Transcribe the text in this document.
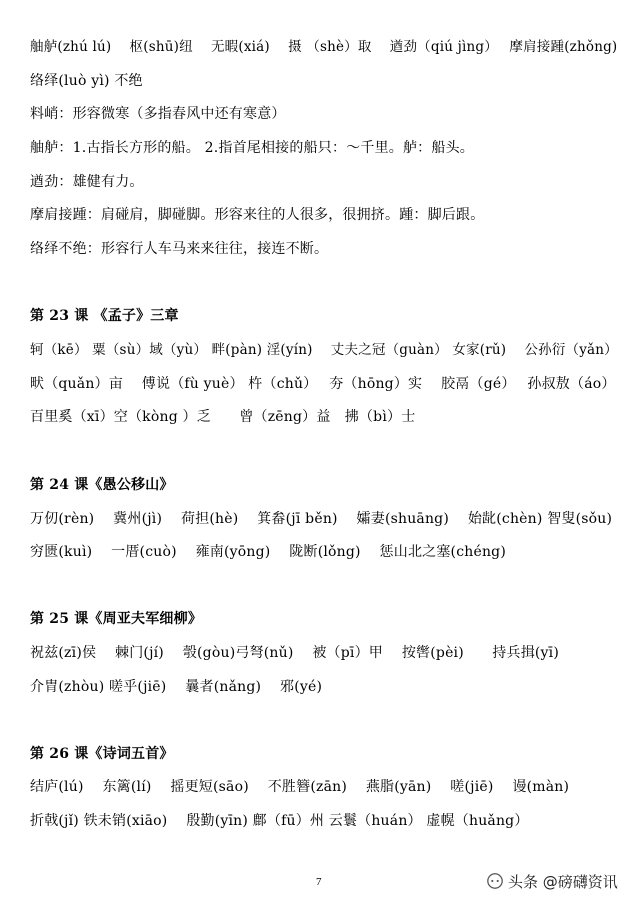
舳舻(zhú lú)　 枢(shū)纽　 无暇(xiá)　 摄 （shè）取　 遒劲（qiú jìng）　 摩肩接踵(zhǒng)
络绎(luò yì) 不绝
料峭：形容微寒（多指春风中还有寒意）
舳舻：1.古指长方形的船。 2.指首尾相接的船只：～千里。舻：船头。
遒劲：雄健有力。
摩肩接踵：肩碰肩，脚碰脚。形容来往的人很多，很拥挤。踵：脚后跟。
络绎不绝：形容行人车马来来往往，接连不断。
第 23 课 《孟子》三章
轲（kē） 粟（sù）域（yù） 畔(pàn) 淫(yín)　 丈夫之冠（guàn） 女家(rǔ)　 公孙衍（yǎn）
畎（quǎn）亩　 傅说（fù yuè） 杵（chǔ）　 夯（hōng）实　 胶鬲（gé）　 孙叔敖（áo）
百里奚（xī）空（kòng ）乏　　曾（zēng）益　拂（bì）士
第 24 课《愚公移山》
万仞(rèn)　 冀州(jì)　 荷担(hè)　 箕畚(jī běn)　 孀妻(shuāng)　 始龀(chèn) 智叟(sǒu)
穷匮(kuì)　 一厝(cuò)　 雍南(yōng)　 陇断(lǒng)　 惩山北之塞(chéng)
第 25 课《周亚夫军细柳》
祝兹(zī)侯　 棘门(jí)　 彀(gòu)弓弩(nǔ)　 被（pī）甲　 按辔(pèi)　　持兵揖(yī)
介胄(zhòu) 嗟乎(jiē)　 曩者(nǎng)　 邪(yé)
第 26 课《诗词五首》
结庐(lú)　 东篱(lí)　 摇更短(sāo)　 不胜簪(zān)　 燕脂(yān)　 嗟(jiē)　 谩(màn)
折戟(jǐ) 铁未销(xiāo)　 殷勤(yīn) 鄜（fū）州 云鬟（huán） 虚幌（huǎng）
7	头条 @磅礴资讯
